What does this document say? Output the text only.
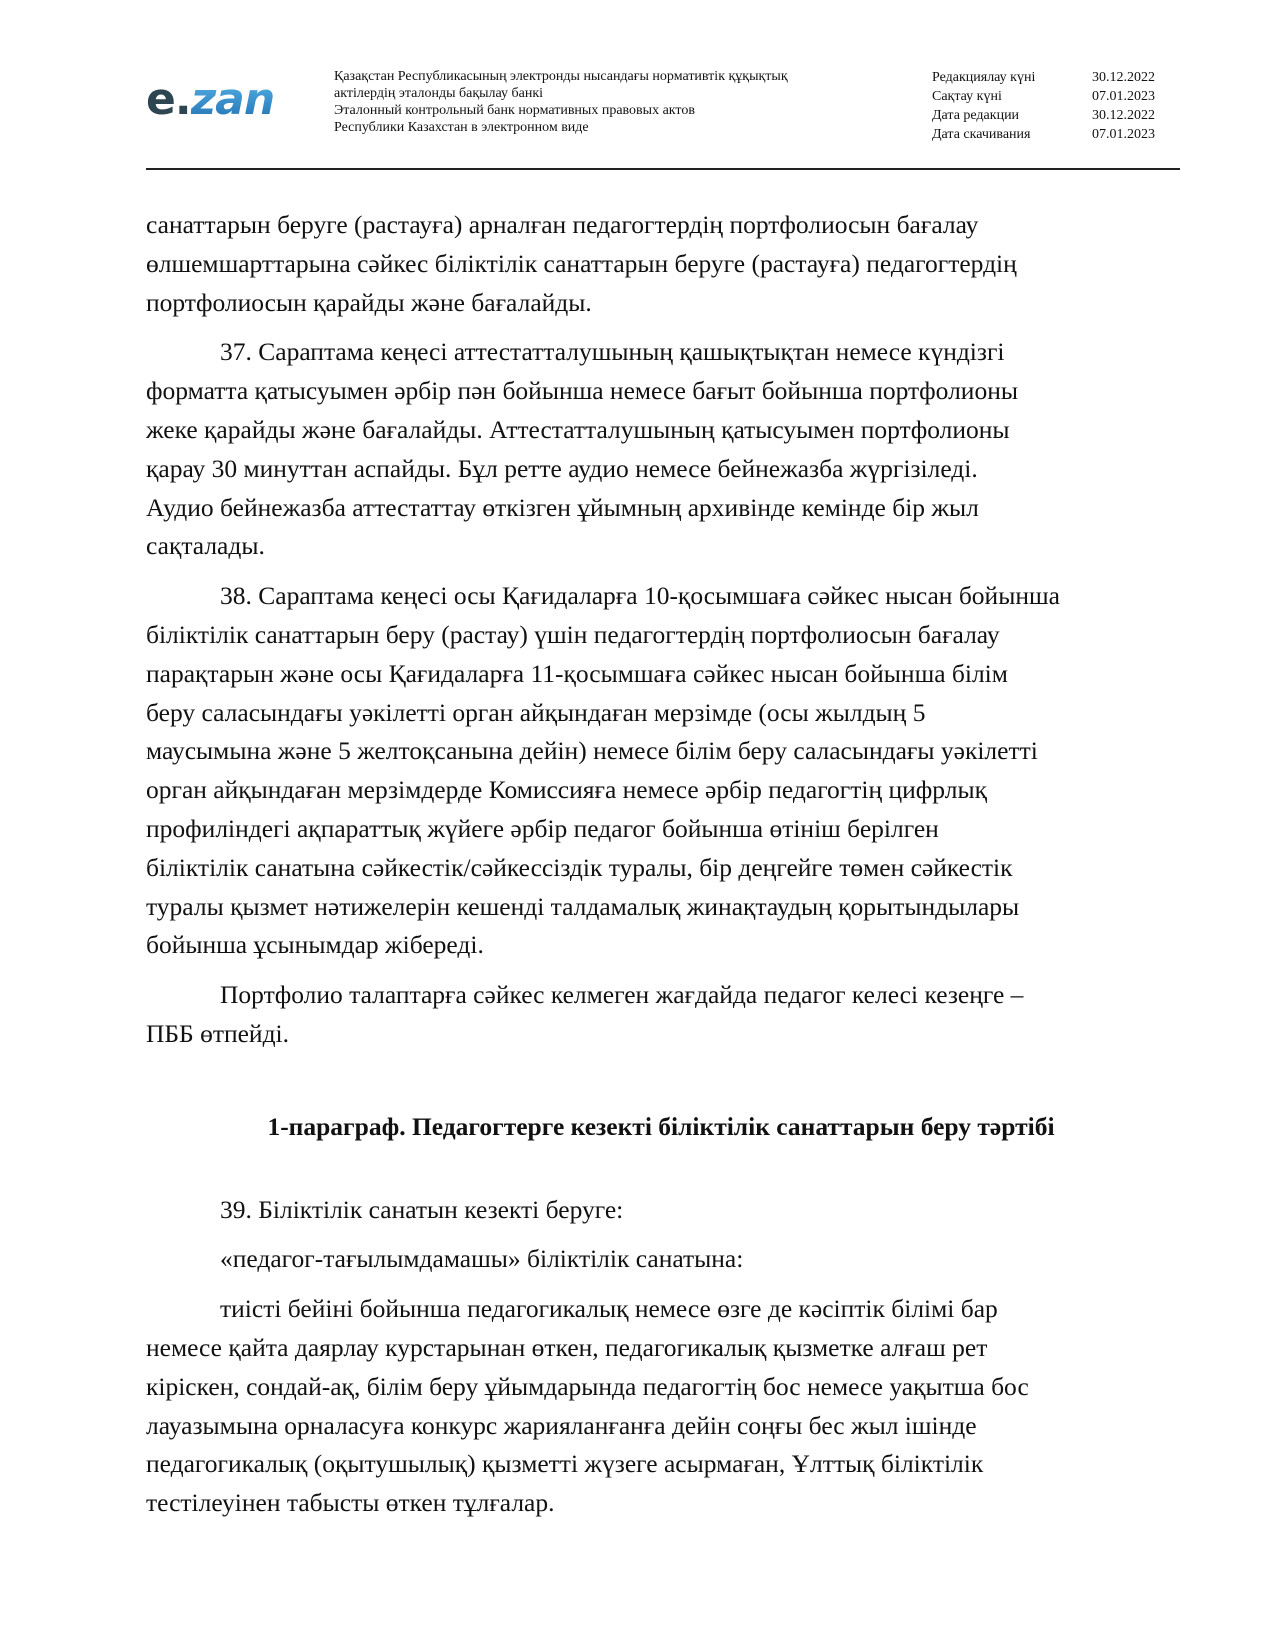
e.zan	Қазақстан Республикасының электронды нысандағы нормативтік құқықтық
актілердің эталонды бақылау банкі
Эталонный контрольный банк нормативных правовых актов
Республики Казахстан в электронном виде
Редакциялау күні	30.12.2022
Сақтау күні	07.01.2023
Дата редакции	30.12.2022
Дата скачивания	07.01.2023

санаттарын беруге (растауға) арналған педагогтердің портфолиосын бағалау
өлшемшарттарына сәйкес біліктілік санаттарын беруге (растауға) педагогтердің
портфолиосын қарайды және бағалайды.

37. Сараптама кеңесі аттестатталушының қашықтықтан немесе күндізгі

форматта қатысуымен әрбір пән бойынша немесе бағыт бойынша портфолионы
жеке қарайды және бағалайды. Аттестатталушының қатысуымен портфолионы
қарау 30 минуттан аспайды. Бұл ретте аудио немесе бейнежазба жүргізіледі.
Аудио бейнежазба аттестаттау өткізген ұйымның архивінде кемінде бір жыл
сақталады.

38. Сараптама кеңесі осы Қағидаларға 10-қосымшаға сәйкес нысан бойынша

біліктілік санаттарын беру (растау) үшін педагогтердің портфолиосын бағалау
парақтарын және осы Қағидаларға 11-қосымшаға сәйкес нысан бойынша білім
беру саласындағы уәкілетті орган айқындаған мерзімде (осы жылдың 5
маусымына және 5 желтоқсанына дейін) немесе білім беру саласындағы уәкілетті
орган айқындаған мерзімдерде Комиссияға немесе әрбір педагогтің цифрлық
профиліндегі ақпараттық жүйеге әрбір педагог бойынша өтініш берілген
біліктілік санатына сәйкестік/сәйкессіздік туралы, бір деңгейге төмен сәйкестік
туралы қызмет нәтижелерін кешенді талдамалық жинақтаудың қорытындылары
бойынша ұсынымдар жібереді.

Портфолио талаптарға сәйкес келмеген жағдайда педагог келесі кезеңге –

ПББ өтпейді.

1-параграф. Педагогтерге кезекті біліктілік санаттарын беру тәртібі

39. Біліктілік санатын кезекті беруге:

«педагог-тағылымдамашы» біліктілік санатына:

тиісті бейіні бойынша педагогикалық немесе өзге де кәсіптік білімі бар

немесе қайта даярлау курстарынан өткен, педагогикалық қызметке алғаш рет
кіріскен, сондай-ақ, білім беру ұйымдарында педагогтің бос немесе уақытша бос
лауазымына орналасуға конкурс жарияланғанға дейін соңғы бес жыл ішінде
педагогикалық (оқытушылық) қызметті жүзеге асырмаған, Ұлттық біліктілік
тестілеуінен табысты өткен тұлғалар.
